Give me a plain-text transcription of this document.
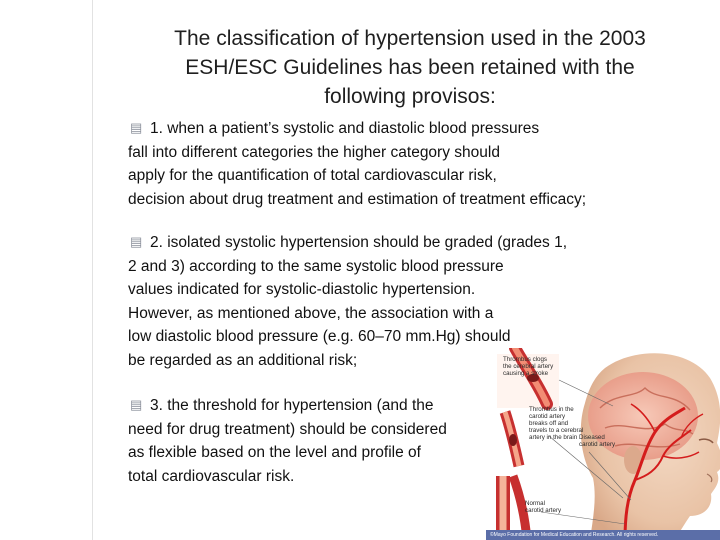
The classification of hypertension used in the 2003
ESH/ESC Guidelines has been retained with the
following provisos:
▤ 1. when a patient’s systolic and diastolic blood pressures
fall into different categories the higher category should
apply for the quantification of total cardiovascular risk,
decision about drug treatment and estimation of treatment efficacy;
▤ 2. isolated systolic hypertension should be graded (grades 1,
2 and 3) according to the same systolic blood pressure
values indicated for systolic-diastolic hypertension.
However, as mentioned above, the association with a
low diastolic blood pressure (e.g. 60–70 mm.Hg) should
be regarded as an additional risk;
▤ 3. the threshold for hypertension (and the
need for drug treatment) should be considered
as flexible based on the level and profile of
total cardiovascular risk.
Thrombus clogs the cerebral artery causing a stroke
Thrombus in the carotid artery breaks off and travels to a cerebral artery in the brain Diseased carotid artery
Normal carotid artery
©Mayo Foundation for Medical Education and Research. All rights reserved.
